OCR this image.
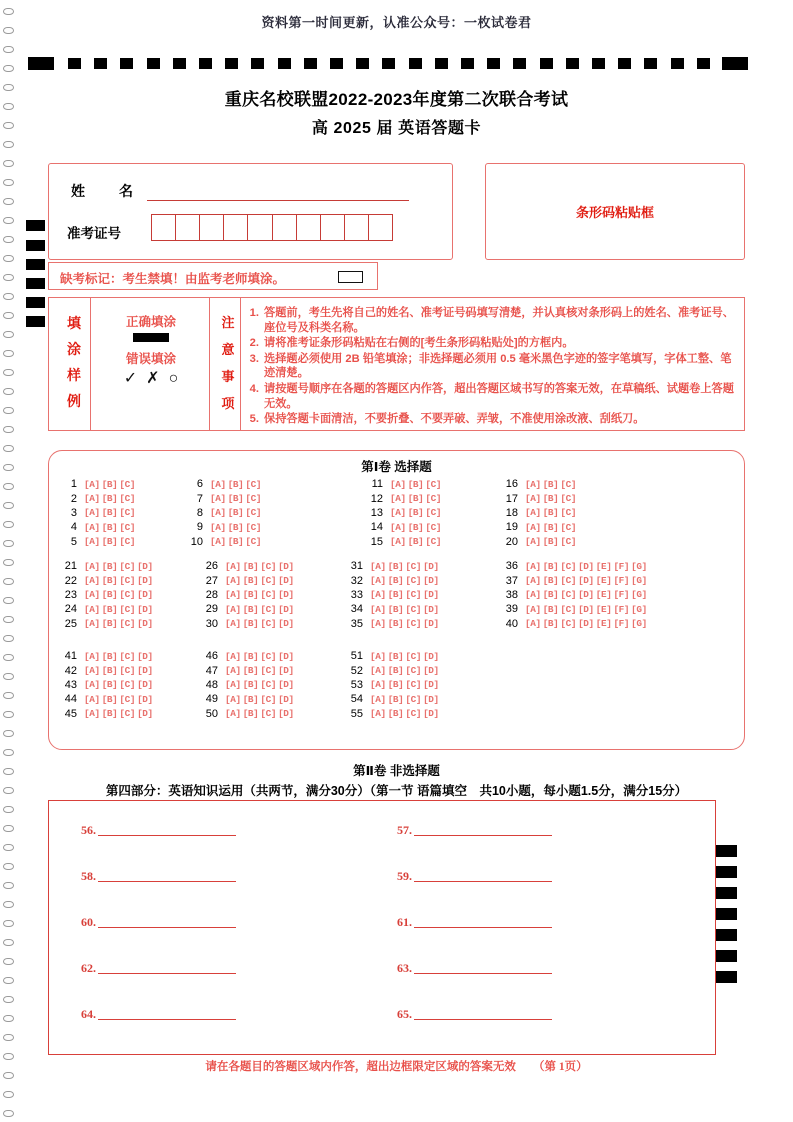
资料第一时间更新，认准公众号：一枚试卷君
重庆名校联盟2022-2023年度第二次联合考试
高 2025 届 英语答题卡
姓　名
准考证号
条形码粘贴框
缺考标记：考生禁填！由监考老师填涂。
填
涂
样
例
正确填涂
错误填涂
✓ ✗ ○
注
意
事
项
1. 答题前，考生先将自己的姓名、准考证号码填写清楚，并认真核对条形码上的姓名、准考证号、座位号及科类名称。
2. 请将准考证条形码粘贴在右侧的[考生条形码粘贴处]的方框内。
3. 选择题必须使用 2B 铅笔填涂；非选择题必须用 0.5 毫米黑色字迹的签字笔填写，字体工整、笔迹清楚。
4. 请按题号顺序在各题的答题区内作答，超出答题区域书写的答案无效，在草稿纸、试题卷上答题无效。
5. 保持答题卡面清洁，不要折叠、不要弄破、弄皱，不准使用涂改液、刮纸刀。
第Ⅰ卷 选择题
1 [A] [B] [C]
2 [A] [B] [C]
3 [A] [B] [C]
4 [A] [B] [C]
5 [A] [B] [C]
6 [A] [B] [C]
7 [A] [B] [C]
8 [A] [B] [C]
9 [A] [B] [C]
10 [A] [B] [C]
11 [A] [B] [C]
12 [A] [B] [C]
13 [A] [B] [C]
14 [A] [B] [C]
15 [A] [B] [C]
16 [A] [B] [C]
17 [A] [B] [C]
18 [A] [B] [C]
19 [A] [B] [C]
20 [A] [B] [C]
21 [A] [B] [C] [D]
22 [A] [B] [C] [D]
23 [A] [B] [C] [D]
24 [A] [B] [C] [D]
25 [A] [B] [C] [D]
26 [A] [B] [C] [D]
27 [A] [B] [C] [D]
28 [A] [B] [C] [D]
29 [A] [B] [C] [D]
30 [A] [B] [C] [D]
31 [A] [B] [C] [D]
32 [A] [B] [C] [D]
33 [A] [B] [C] [D]
34 [A] [B] [C] [D]
35 [A] [B] [C] [D]
36 [A] [B] [C] [D] [E] [F] [G]
37 [A] [B] [C] [D] [E] [F] [G]
38 [A] [B] [C] [D] [E] [F] [G]
39 [A] [B] [C] [D] [E] [F] [G]
40 [A] [B] [C] [D] [E] [F] [G]
41 [A] [B] [C] [D]
42 [A] [B] [C] [D]
43 [A] [B] [C] [D]
44 [A] [B] [C] [D]
45 [A] [B] [C] [D]
46 [A] [B] [C] [D]
47 [A] [B] [C] [D]
48 [A] [B] [C] [D]
49 [A] [B] [C] [D]
50 [A] [B] [C] [D]
51 [A] [B] [C] [D]
52 [A] [B] [C] [D]
53 [A] [B] [C] [D]
54 [A] [B] [C] [D]
55 [A] [B] [C] [D]
第Ⅱ卷 非选择题
第四部分：英语知识运用（共两节，满分30分）（第一节 语篇填空　共10小题，每小题1.5分，满分15分）
56.	57.
58.	59.
60.	61.
62.	63.
64.	65.
请在各题目的答题区域内作答，超出边框限定区域的答案无效 （第 1页）
